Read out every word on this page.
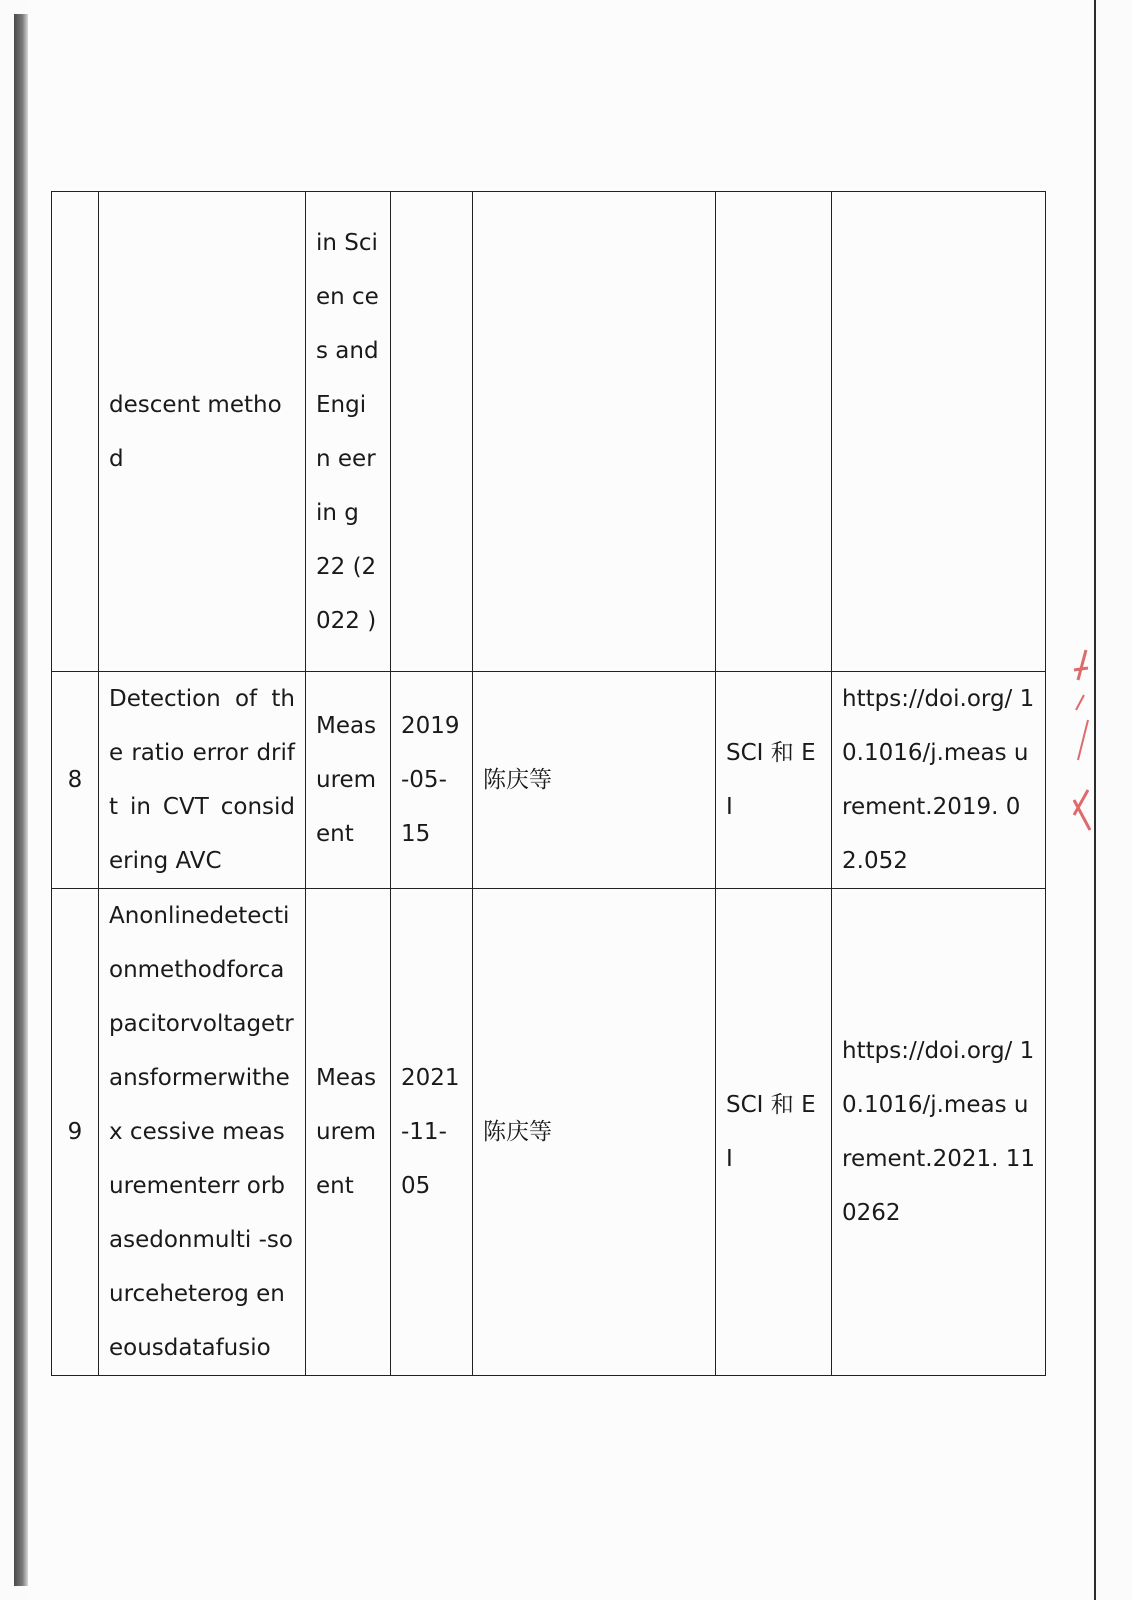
	descent method	in Scien ces and Engin eerin g 22 (2022 )				
8	Detection of the ratio error drift in CVT considering AVC	Meas urem ent	2019 -05- 15	陈庆等	SCI 和 EI	https://doi.org/ 10.1016/j.meas urement.2019. 02.052
9	Anonlinedetecti onmethodforca pacitorvoltagetr ansformerwithex cessive measurementerr orbasedonmulti -sourceheterog eneousdatafusio	Meas urem ent	2021 -11- 05	陈庆等	SCI 和 EI	https://doi.org/ 10.1016/j.meas urement.2021. 110262
